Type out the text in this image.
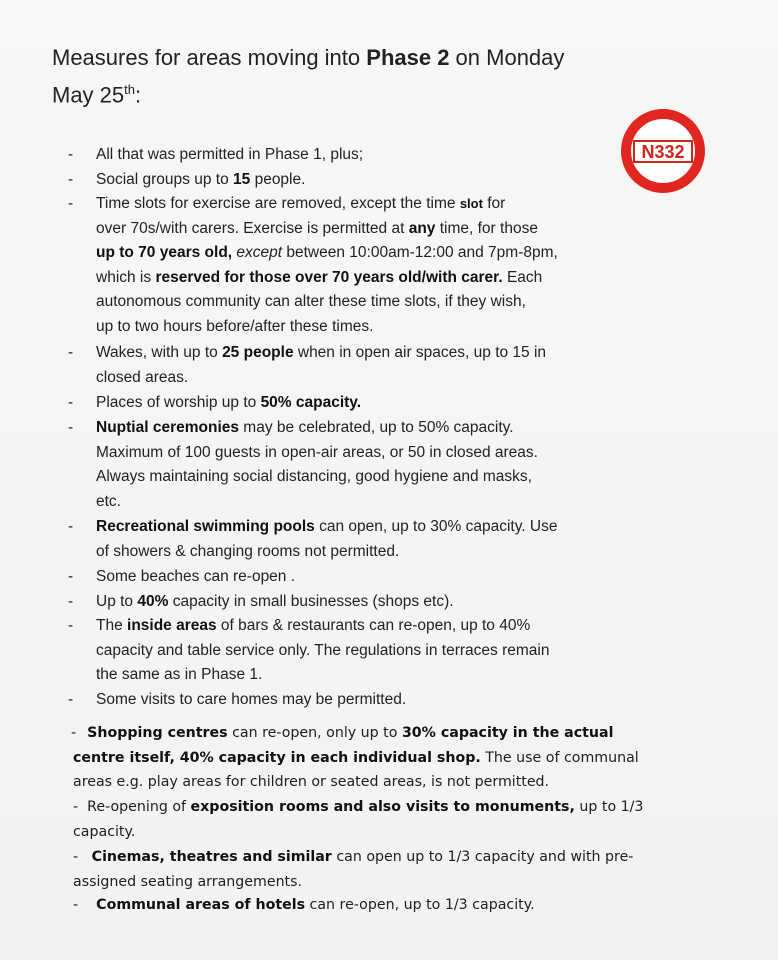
Measures for areas moving into Phase 2 on Monday
May 25th:
N332
- All that was permitted in Phase 1, plus;
- Social groups up to 15 people.
- Time slots for exercise are removed, except the time slot for
over 70s/with carers. Exercise is permitted at any time, for those
up to 70 years old, except between 10:00am-12:00 and 7pm-8pm,
which is reserved for those over 70 years old/with carer. Each
autonomous community can alter these time slots, if they wish,
up to two hours before/after these times.
- Wakes, with up to 25 people when in open air spaces, up to 15 in
closed areas.
- Places of worship up to 50% capacity.
- Nuptial ceremonies may be celebrated, up to 50% capacity.
Maximum of 100 guests in open-air areas, or 50 in closed areas.
Always maintaining social distancing, good hygiene and masks,
etc.
- Recreational swimming pools can open, up to 30% capacity. Use
of showers & changing rooms not permitted.
- Some beaches can re-open .
- Up to 40% capacity in small businesses (shops etc).
- The inside areas of bars & restaurants can re-open, up to 40%
capacity and table service only. The regulations in terraces remain
the same as in Phase 1.
- Some visits to care homes may be permitted.
- Shopping centres can re-open, only up to 30% capacity in the actual
centre itself, 40% capacity in each individual shop. The use of communal
areas e.g. play areas for children or seated areas, is not permitted.
- Re-opening of exposition rooms and also visits to monuments, up to 1/3
capacity.
- Cinemas, theatres and similar can open up to 1/3 capacity and with pre-
assigned seating arrangements.
- Communal areas of hotels can re-open, up to 1/3 capacity.
